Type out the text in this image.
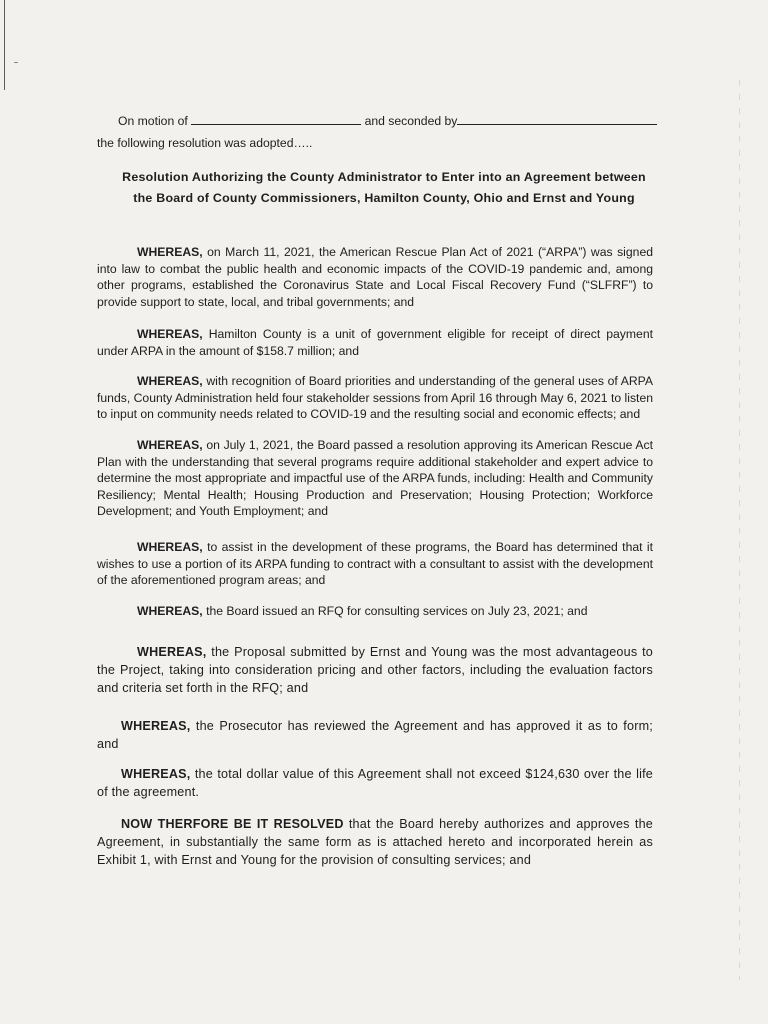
On motion of	and seconded by
the following resolution was adopted…..
Resolution Authorizing the County Administrator to Enter into an Agreement between
the Board of County Commissioners, Hamilton County, Ohio and Ernst and Young
WHEREAS, on March 11, 2021, the American Rescue Plan Act of 2021 (“ARPA”) was signed into law to combat the public health and economic impacts of the COVID-19 pandemic and, among other programs, established the Coronavirus State and Local Fiscal Recovery Fund (“SLFRF”) to provide support to state, local, and tribal governments; and
WHEREAS, Hamilton County is a unit of government eligible for receipt of direct payment under ARPA in the amount of $158.7 million; and
WHEREAS, with recognition of Board priorities and understanding of the general uses of ARPA funds, County Administration held four stakeholder sessions from April 16 through May 6, 2021 to listen to input on community needs related to COVID-19 and the resulting social and economic effects; and
WHEREAS, on July 1, 2021, the Board passed a resolution approving its American Rescue Act Plan with the understanding that several programs require additional stakeholder and expert advice to determine the most appropriate and impactful use of the ARPA funds, including: Health and Community Resiliency; Mental Health; Housing Production and Preservation; Housing Protection; Workforce Development; and Youth Employment; and
WHEREAS, to assist in the development of these programs, the Board has determined that it wishes to use a portion of its ARPA funding to contract with a consultant to assist with the development of the aforementioned program areas; and
WHEREAS, the Board issued an RFQ for consulting services on July 23, 2021; and
WHEREAS, the Proposal submitted by Ernst and Young was the most advantageous to the Project, taking into consideration pricing and other factors, including the evaluation factors and criteria set forth in the RFQ; and
WHEREAS, the Prosecutor has reviewed the Agreement and has approved it as to form; and
WHEREAS, the total dollar value of this Agreement shall not exceed $124,630 over the life of the agreement.
NOW THERFORE BE IT RESOLVED that the Board hereby authorizes and approves the Agreement, in substantially the same form as is attached hereto and incorporated herein as Exhibit 1, with Ernst and Young for the provision of consulting services; and
